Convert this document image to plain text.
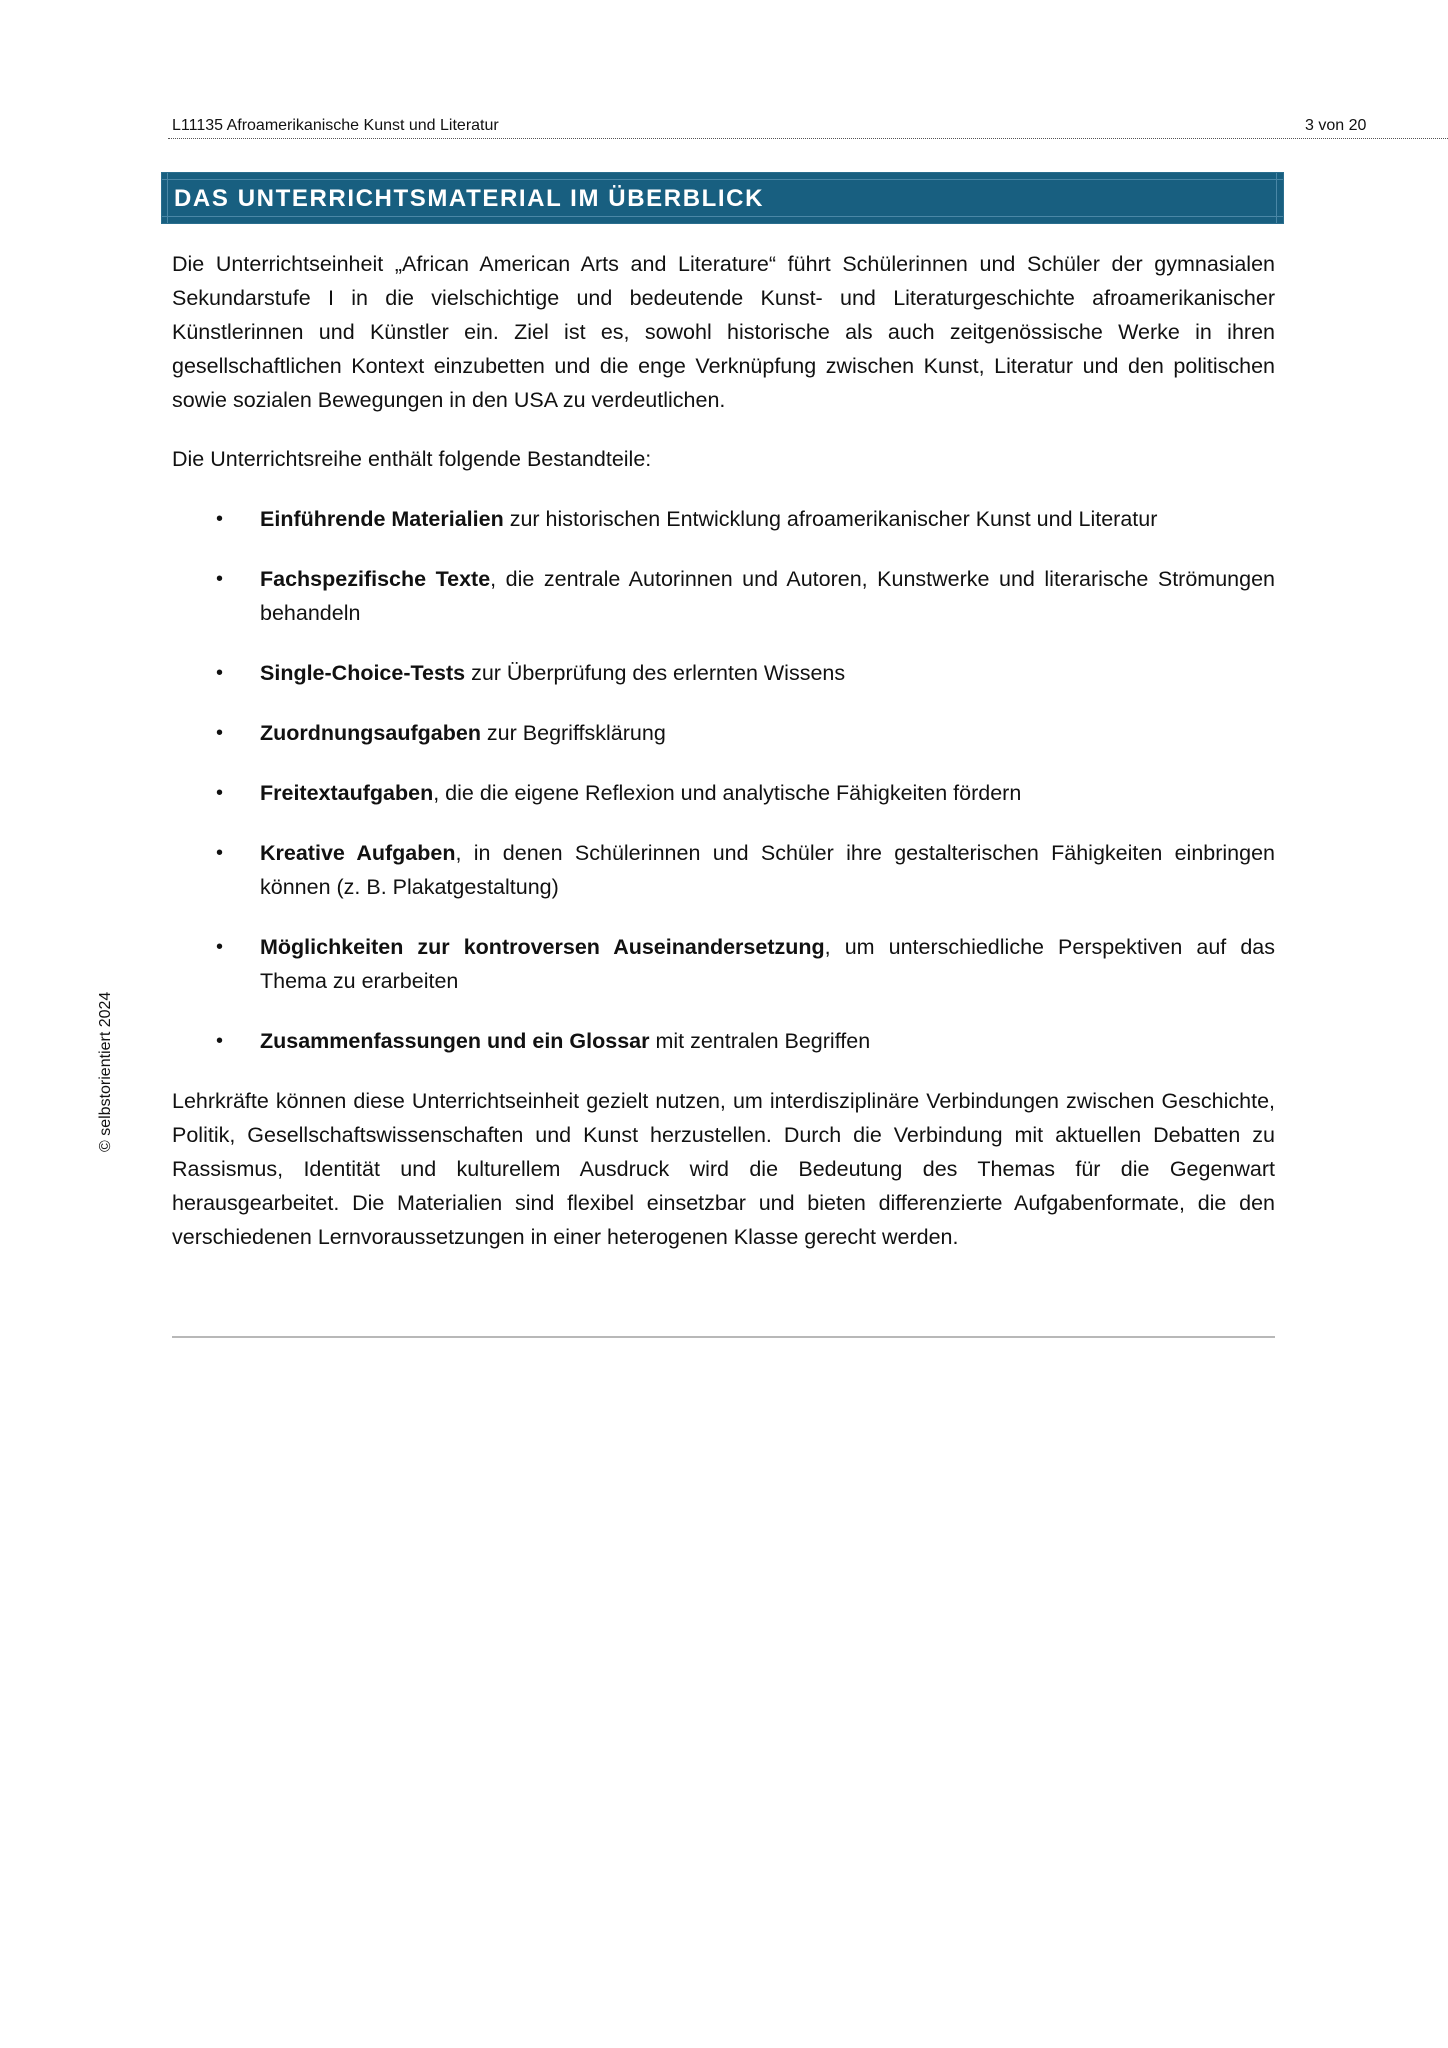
L11135 Afroamerikanische Kunst und Literatur	3 von 20
DAS UNTERRICHTSMATERIAL IM ÜBERBLICK
© selbstorientiert 2024

Die Unterrichtseinheit „African American Arts and Literature“ führt Schülerinnen und Schüler der gymnasialen Sekundarstufe I in die vielschichtige und bedeutende Kunst- und Literaturgeschichte afroamerikanischer Künstlerinnen und Künstler ein. Ziel ist es, sowohl historische als auch zeitgenössische Werke in ihren gesellschaftlichen Kontext einzubetten und die enge Verknüpfung zwischen Kunst, Literatur und den politischen sowie sozialen Bewegungen in den USA zu verdeutlichen.

Die Unterrichtsreihe enthält folgende Bestandteile:

• Einführende Materialien zur historischen Entwicklung afroamerikanischer Kunst und Literatur
• Fachspezifische Texte, die zentrale Autorinnen und Autoren, Kunstwerke und literarische Strömungen behandeln
• Single-Choice-Tests zur Überprüfung des erlernten Wissens
• Zuordnungsaufgaben zur Begriffsklärung
• Freitextaufgaben, die die eigene Reflexion und analytische Fähigkeiten fördern
• Kreative Aufgaben, in denen Schülerinnen und Schüler ihre gestalterischen Fähigkeiten einbringen können (z. B. Plakatgestaltung)
• Möglichkeiten zur kontroversen Auseinandersetzung, um unterschiedliche Perspektiven auf das Thema zu erarbeiten
• Zusammenfassungen und ein Glossar mit zentralen Begriffen

Lehrkräfte können diese Unterrichtseinheit gezielt nutzen, um interdisziplinäre Verbindungen zwischen Geschichte, Politik, Gesellschaftswissenschaften und Kunst herzustellen. Durch die Verbindung mit aktuellen Debatten zu Rassismus, Identität und kulturellem Ausdruck wird die Bedeutung des Themas für die Gegenwart herausgearbeitet. Die Materialien sind flexibel einsetzbar und bieten differenzierte Aufgabenformate, die den verschiedenen Lernvoraussetzungen in einer heterogenen Klasse gerecht werden.
